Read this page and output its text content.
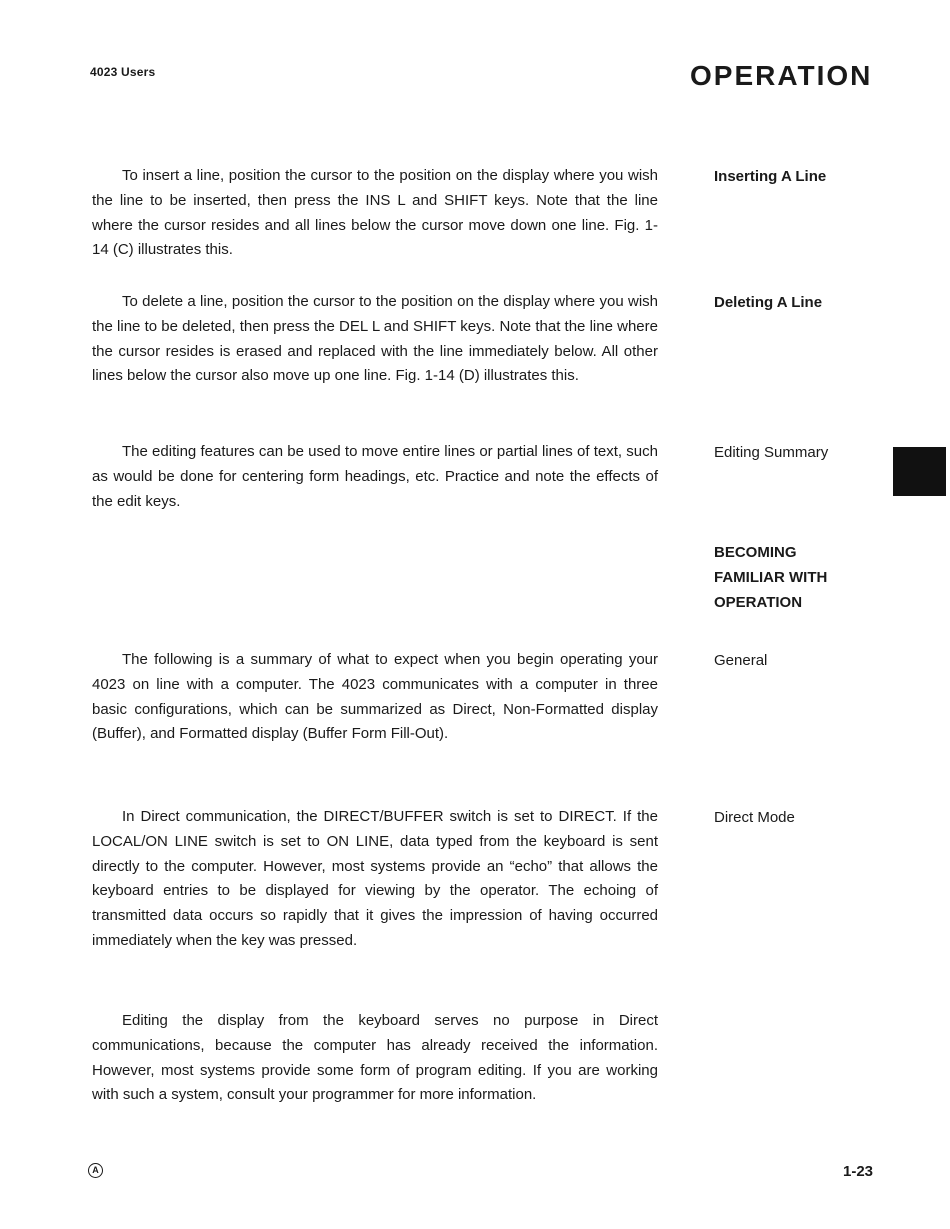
4023 Users	OPERATION

To insert a line, position the cursor to the position on the display where you wish the line to be inserted, then press the INS L and SHIFT keys. Note that the line where the cursor resides and all lines below the cursor move down one line. Fig. 1-14 (C) illustrates this.

Inserting A Line

To delete a line, position the cursor to the position on the display where you wish the line to be deleted, then press the DEL L and SHIFT keys. Note that the line where the cursor resides is erased and replaced with the line immediately below. All other lines below the cursor also move up one line. Fig. 1-14 (D) illustrates this.

Deleting A Line

The editing features can be used to move entire lines or partial lines of text, such as would be done for centering form headings, etc. Practice and note the effects of the edit keys.

Editing Summary
BECOMING
FAMILIAR WITH
OPERATION

The following is a summary of what to expect when you begin operating your 4023 on line with a computer. The 4023 communicates with a computer in three basic configurations, which can be summarized as Direct, Non-Formatted display (Buffer), and Formatted display (Buffer Form Fill-Out).

General

In Direct communication, the DIRECT/BUFFER switch is set to DIRECT. If the LOCAL/ON LINE switch is set to ON LINE, data typed from the keyboard is sent directly to the computer. However, most systems provide an “echo” that allows the keyboard entries to be displayed for viewing by the operator. The echoing of transmitted data occurs so rapidly that it gives the impression of having occurred immediately when the key was pressed.

Direct Mode

Editing the display from the keyboard serves no purpose in Direct communications, because the computer has already received the information. However, most systems provide some form of program editing. If you are working with such a system, consult your programmer for more information.

A	1-23
